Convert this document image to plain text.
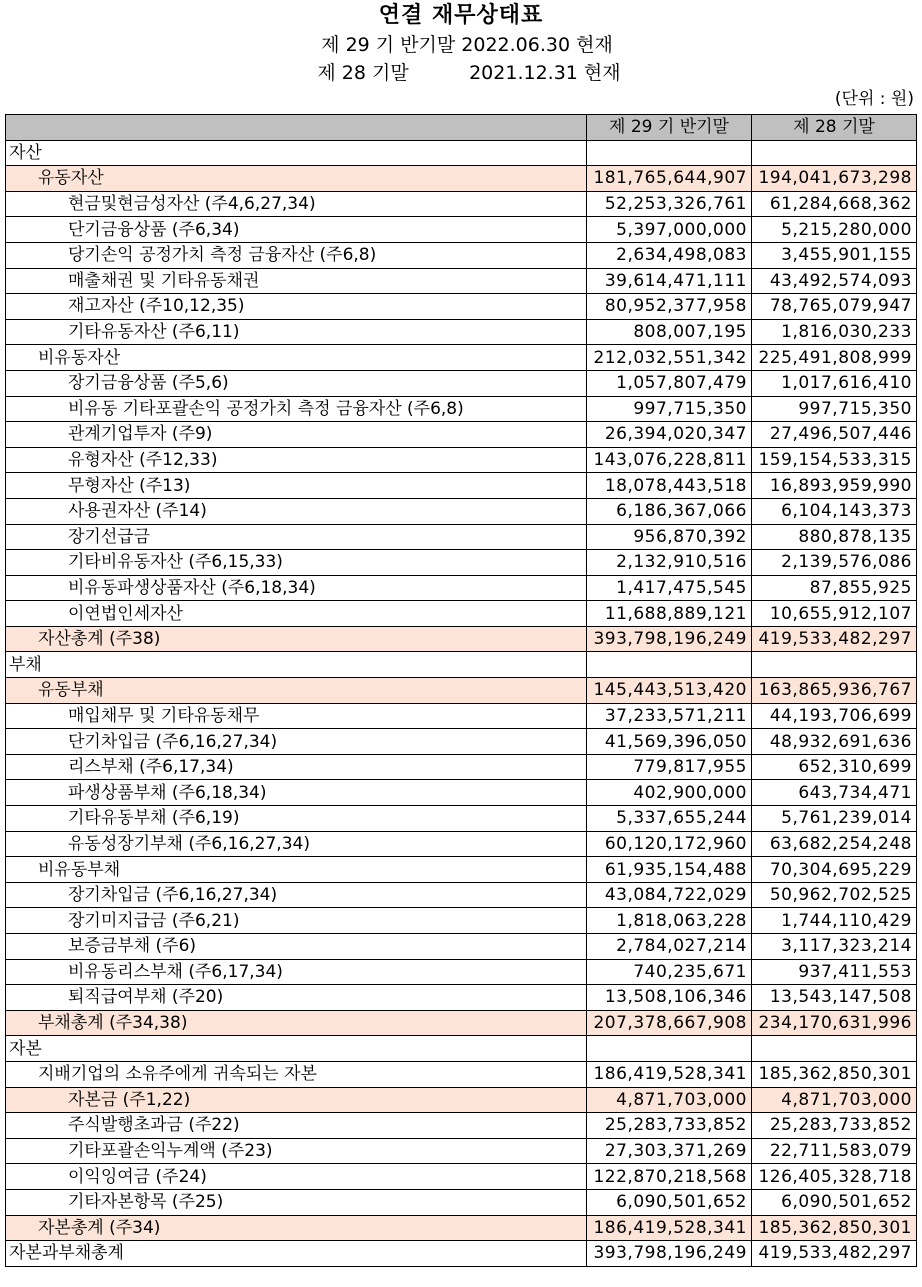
연결 재무상태표
제 29 기 반기말 2022.06.30 현재
제 28 기말          2021.12.31 현재
(단위 : 원)
	제 29 기 반기말	제 28 기말
자산		
유동자산	181,765,644,907	194,041,673,298
현금및현금성자산 (주4,6,27,34)	52,253,326,761	61,284,668,362
단기금융상품 (주6,34)	5,397,000,000	5,215,280,000
당기손익 공정가치 측정 금융자산 (주6,8)	2,634,498,083	3,455,901,155
매출채권 및 기타유동채권	39,614,471,111	43,492,574,093
재고자산 (주10,12,35)	80,952,377,958	78,765,079,947
기타유동자산 (주6,11)	808,007,195	1,816,030,233
비유동자산	212,032,551,342	225,491,808,999
장기금융상품 (주5,6)	1,057,807,479	1,017,616,410
비유동 기타포괄손익 공정가치 측정 금융자산 (주6,8)	997,715,350	997,715,350
관계기업투자 (주9)	26,394,020,347	27,496,507,446
유형자산 (주12,33)	143,076,228,811	159,154,533,315
무형자산 (주13)	18,078,443,518	16,893,959,990
사용권자산 (주14)	6,186,367,066	6,104,143,373
장기선급금	956,870,392	880,878,135
기타비유동자산 (주6,15,33)	2,132,910,516	2,139,576,086
비유동파생상품자산 (주6,18,34)	1,417,475,545	87,855,925
이연법인세자산	11,688,889,121	10,655,912,107
자산총계 (주38)	393,798,196,249	419,533,482,297
부채		
유동부채	145,443,513,420	163,865,936,767
매입채무 및 기타유동채무	37,233,571,211	44,193,706,699
단기차입금 (주6,16,27,34)	41,569,396,050	48,932,691,636
리스부채 (주6,17,34)	779,817,955	652,310,699
파생상품부채 (주6,18,34)	402,900,000	643,734,471
기타유동부채 (주6,19)	5,337,655,244	5,761,239,014
유동성장기부채 (주6,16,27,34)	60,120,172,960	63,682,254,248
비유동부채	61,935,154,488	70,304,695,229
장기차입금 (주6,16,27,34)	43,084,722,029	50,962,702,525
장기미지급금 (주6,21)	1,818,063,228	1,744,110,429
보증금부채 (주6)	2,784,027,214	3,117,323,214
비유동리스부채 (주6,17,34)	740,235,671	937,411,553
퇴직급여부채 (주20)	13,508,106,346	13,543,147,508
부채총계 (주34,38)	207,378,667,908	234,170,631,996
자본		
지배기업의 소유주에게 귀속되는 자본	186,419,528,341	185,362,850,301
자본금 (주1,22)	4,871,703,000	4,871,703,000
주식발행초과금 (주22)	25,283,733,852	25,283,733,852
기타포괄손익누계액 (주23)	27,303,371,269	22,711,583,079
이익잉여금 (주24)	122,870,218,568	126,405,328,718
기타자본항목 (주25)	6,090,501,652	6,090,501,652
자본총계 (주34)	186,419,528,341	185,362,850,301
자본과부채총계	393,798,196,249	419,533,482,297
